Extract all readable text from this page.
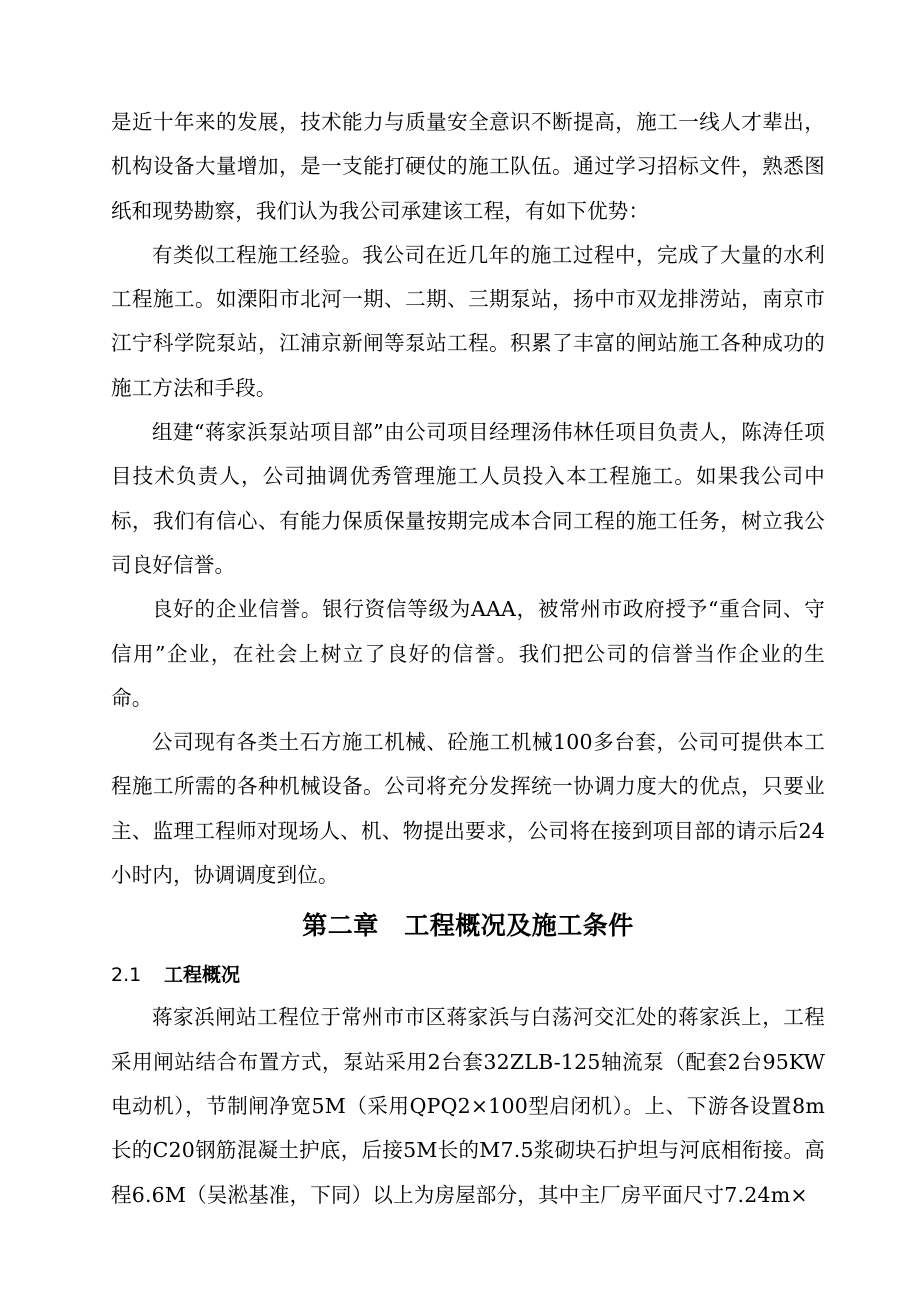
是近十年来的发展，技术能力与质量安全意识不断提高，施工一线人才辈出，机构设备大量增加，是一支能打硬仗的施工队伍。通过学习招标文件，熟悉图纸和现势勘察，我们认为我公司承建该工程，有如下优势：

有类似工程施工经验。我公司在近几年的施工过程中，完成了大量的水利工程施工。如溧阳市北河一期、二期、三期泵站，扬中市双龙排涝站，南京市江宁科学院泵站，江浦京新闸等泵站工程。积累了丰富的闸站施工各种成功的施工方法和手段。

组建“蒋家浜泵站项目部”由公司项目经理汤伟林任项目负责人，陈涛任项目技术负责人，公司抽调优秀管理施工人员投入本工程施工。如果我公司中标，我们有信心、有能力保质保量按期完成本合同工程的施工任务，树立我公司良好信誉。

良好的企业信誉。银行资信等级为AAA，被常州市政府授予“重合同、守信用”企业，在社会上树立了良好的信誉。我们把公司的信誉当作企业的生命。

公司现有各类土石方施工机械、砼施工机械100多台套，公司可提供本工程施工所需的各种机械设备。公司将充分发挥统一协调力度大的优点，只要业主、监理工程师对现场人、机、物提出要求，公司将在接到项目部的请示后24小时内，协调调度到位。

第二章　工程概况及施工条件
2.1 工程概况

蒋家浜闸站工程位于常州市市区蒋家浜与白荡河交汇处的蒋家浜上，工程采用闸站结合布置方式，泵站采用2台套32ZLB-125轴流泵（配套2台95KW电动机），节制闸净宽5M（采用QPQ2×100型启闭机）。上、下游各设置8m长的C20钢筋混凝土护底，后接5M长的M7.5浆砌块石护坦与河底相衔接。高程6.6M（吴淞基准，下同）以上为房屋部分，其中主厂房平面尺寸7.24m×
